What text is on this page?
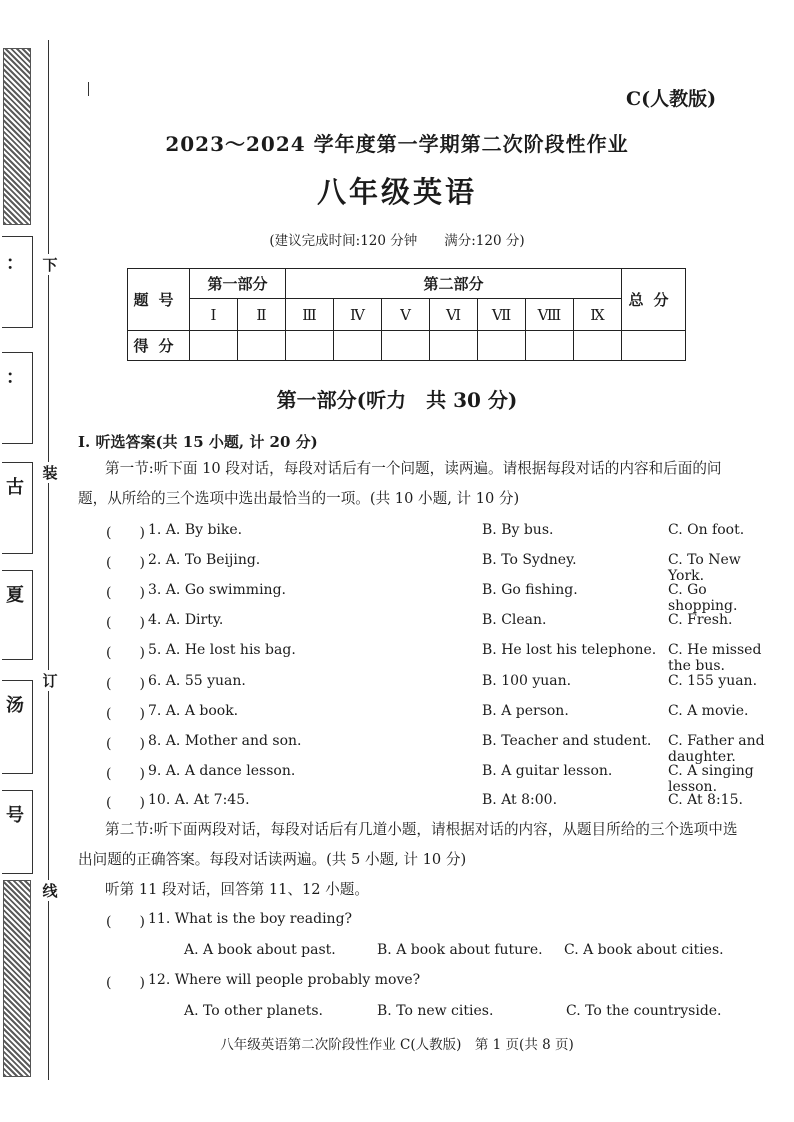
：
：
古
夏
汤
号
下
装
订
线
C(人教版)
2023～2024 学年度第一学期第二次阶段性作业
八年级英语
(建议完成时间:120 分钟　　满分:120 分)
题号	第一部分		第二部分							总分
	Ⅰ	Ⅱ	Ⅲ	Ⅳ	Ⅴ	Ⅵ	Ⅶ	Ⅷ	Ⅸ	
得分										
第一部分(听力　共 30 分)
Ⅰ. 听选答案(共 15 小题, 计 20 分)
第一节:听下面 10 段对话，每段对话后有一个问题，读两遍。请根据每段对话的内容和后面的问题，从所给的三个选项中选出最恰当的一项。(共 10 小题, 计 10 分)
(　　) 1. A. By bike.	B. By bus.	C. On foot.
(　　) 2. A. To Beijing.	B. To Sydney.	C. To New York.
(　　) 3. A. Go swimming.	B. Go fishing.	C. Go shopping.
(　　) 4. A. Dirty.	B. Clean.	C. Fresh.
(　　) 5. A. He lost his bag.	B. He lost his telephone. C. He missed the bus.
(　　) 6. A. 55 yuan.	B. 100 yuan.	C. 155 yuan.
(　　) 7. A. A book.	B. A person.	C. A movie.
(　　) 8. A. Mother and son.	B. Teacher and student. C. Father and daughter.
(　　) 9. A. A dance lesson.	B. A guitar lesson.	C. A singing lesson.
(　　) 10. A. At 7:45.	B. At 8:00.	C. At 8:15.
第二节:听下面两段对话，每段对话后有几道小题，请根据对话的内容，从题目所给的三个选项中选出问题的正确答案。每段对话读两遍。(共 5 小题, 计 10 分)
听第 11 段对话，回答第 11、12 小题。
(　　) 11. What is the boy reading?
A. A book about past.	B. A book about future. C. A book about cities.
(　　) 12. Where will people probably move?
A. To other planets.	B. To new cities.	C. To the countryside.
八年级英语第二次阶段性作业 C(人教版)　第 1 页(共 8 页)
